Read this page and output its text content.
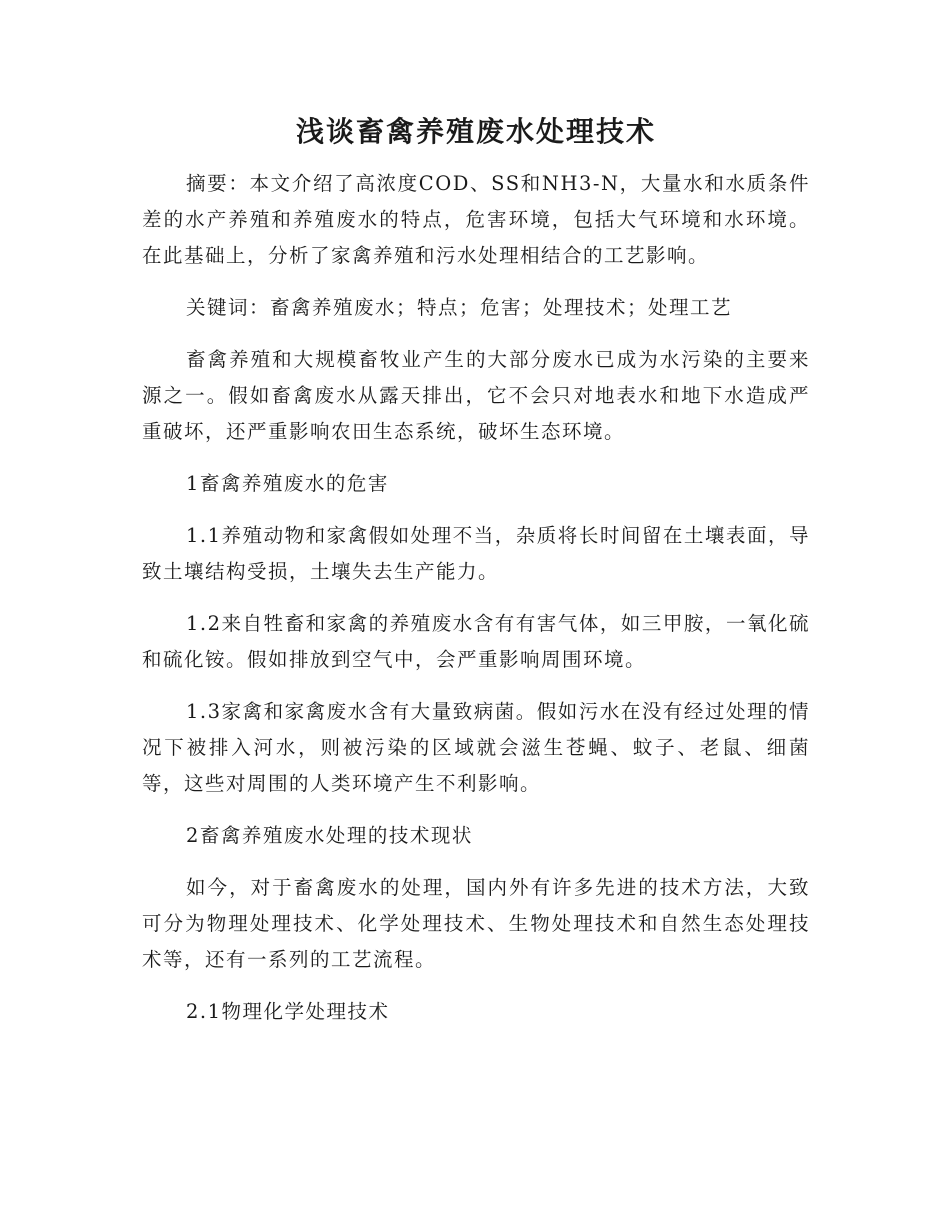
浅谈畜禽养殖废水处理技术

摘要：本文介绍了高浓度COD、SS和NH3-N，大量水和水质条件差的水产养殖和养殖废水的特点，危害环境，包括大气环境和水环境。在此基础上，分析了家禽养殖和污水处理相结合的工艺影响。

关键词：畜禽养殖废水；特点；危害；处理技术；处理工艺

畜禽养殖和大规模畜牧业产生的大部分废水已成为水污染的主要来源之一。假如畜禽废水从露天排出，它不会只对地表水和地下水造成严重破坏，还严重影响农田生态系统，破坏生态环境。

1畜禽养殖废水的危害

1.1养殖动物和家禽假如处理不当，杂质将长时间留在土壤表面，导致土壤结构受损，土壤失去生产能力。

1.2来自牲畜和家禽的养殖废水含有有害气体，如三甲胺，一氧化硫和硫化铵。假如排放到空气中，会严重影响周围环境。

1.3家禽和家禽废水含有大量致病菌。假如污水在没有经过处理的情况下被排入河水，则被污染的区域就会滋生苍蝇、蚊子、老鼠、细菌等，这些对周围的人类环境产生不利影响。

2畜禽养殖废水处理的技术现状

如今，对于畜禽废水的处理，国内外有许多先进的技术方法，大致可分为物理处理技术、化学处理技术、生物处理技术和自然生态处理技术等，还有一系列的工艺流程。

2.1物理化学处理技术
